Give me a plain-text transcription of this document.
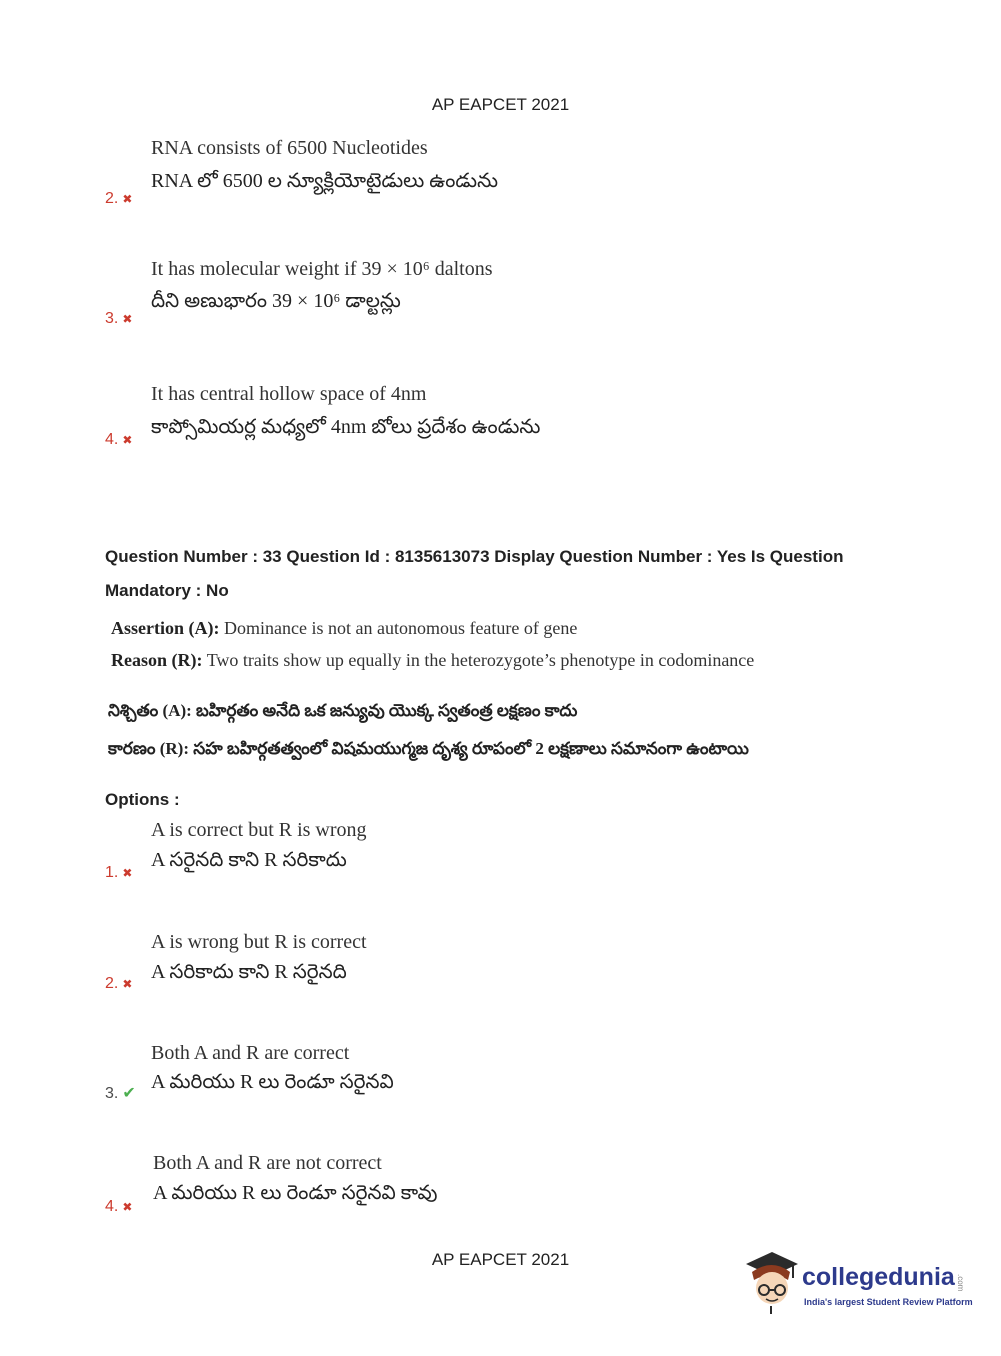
AP EAPCET 2021
RNA consists of 6500 Nucleotides
RNA లో 6500 ల న్యూక్లియోటైడులు ఉండును
2. ✖
It has molecular weight if 39 × 10⁶ daltons
దీని అణుభారం 39 × 10⁶ డాల్టన్లు
3. ✖
It has central hollow space of 4nm
కాప్సోమియర్ల మధ్యలో 4nm బోలు ప్రదేశం ఉండును
4. ✖
Question Number : 33 Question Id : 8135613073 Display Question Number : Yes Is Question
Mandatory : No
Assertion (A): Dominance is not an autonomous feature of gene
Reason (R): Two traits show up equally in the heterozygote’s phenotype in codominance
నిశ్చితం (A): బహిర్గతం అనేది ఒక జన్యువు యొక్క స్వతంత్ర లక్షణం కాదు
కారణం (R): సహ బహిర్గతత్వంలో విషమయుగ్మజ దృశ్య రూపంలో 2 లక్షణాలు సమానంగా ఉంటాయి
Options :
A is correct but R is wrong
A సరైనది కాని R సరికాదు
1. ✖
A is wrong but R is correct
A సరికాదు కాని R సరైనది
2. ✖
Both A and R are correct
A మరియు R లు రెండూ సరైనవి
3. ✔
Both A and R are not correct
A మరియు R లు రెండూ సరైనవి కావు
4. ✖
AP EAPCET 2021
collegedunia .com
India's largest Student Review Platform
